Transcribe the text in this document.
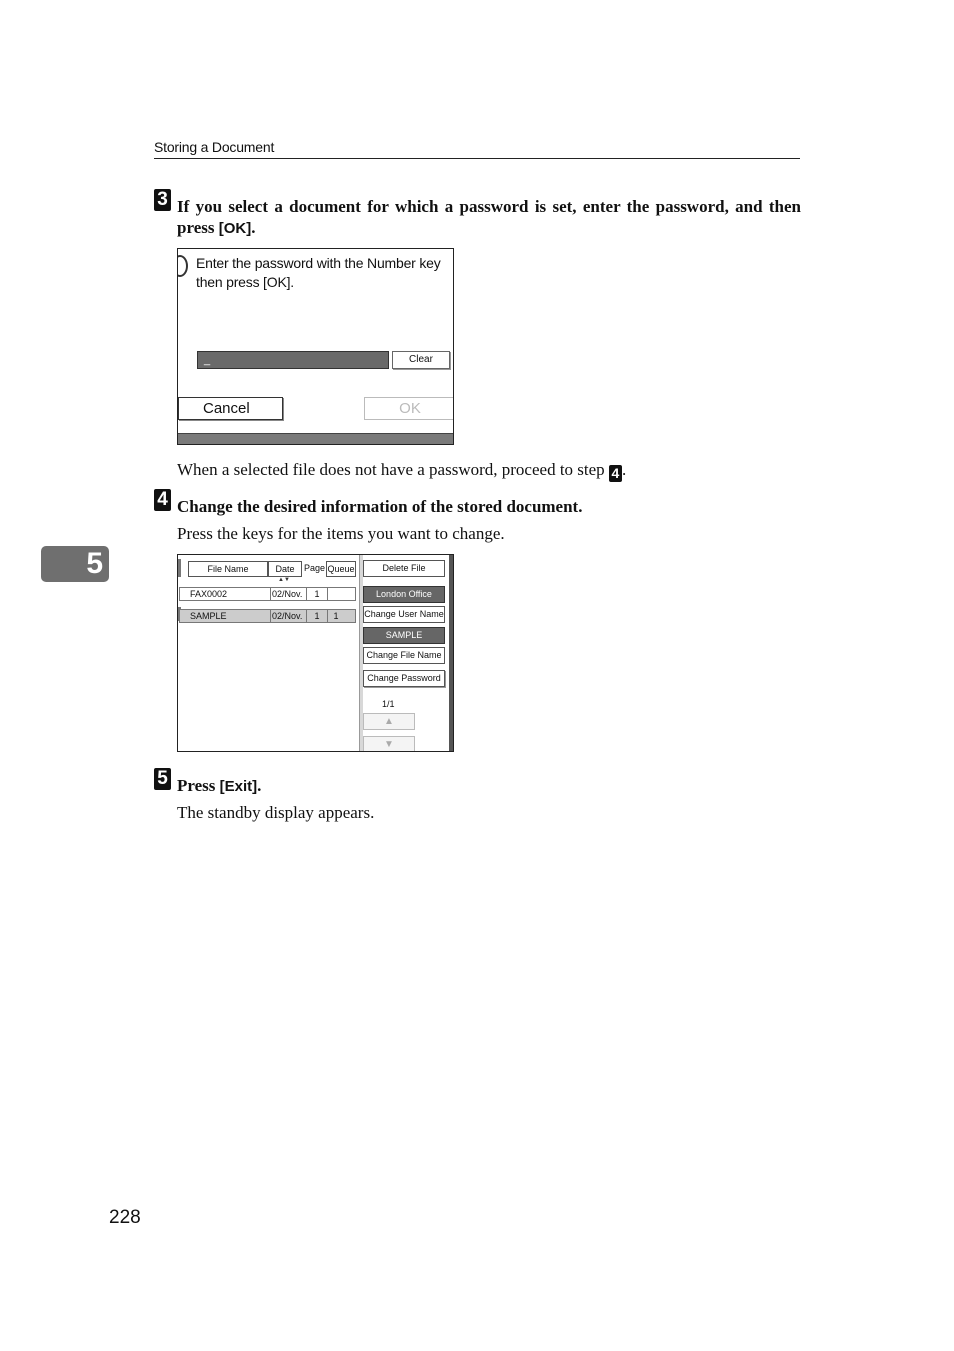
Storing a Document
5
3 If you select a document for which a password is set, enter the password, and then press [OK].
Enter the password with the Number key
then press [OK].
_	Clear
Cancel	OK
When a selected file does not have a password, proceed to step 4 .
4 Change the desired information of the stored document.
Press the keys for the items you want to change.
File Name	Date	Page Queue
▲▼
FAX0002	02/Nov.	1
SAMPLE	02/Nov.	1	1
Delete File
London Office
Change User Name
SAMPLE
Change File Name
Change Password
1/1
▲
▼
5 Press [Exit].
The standby display appears.
228
